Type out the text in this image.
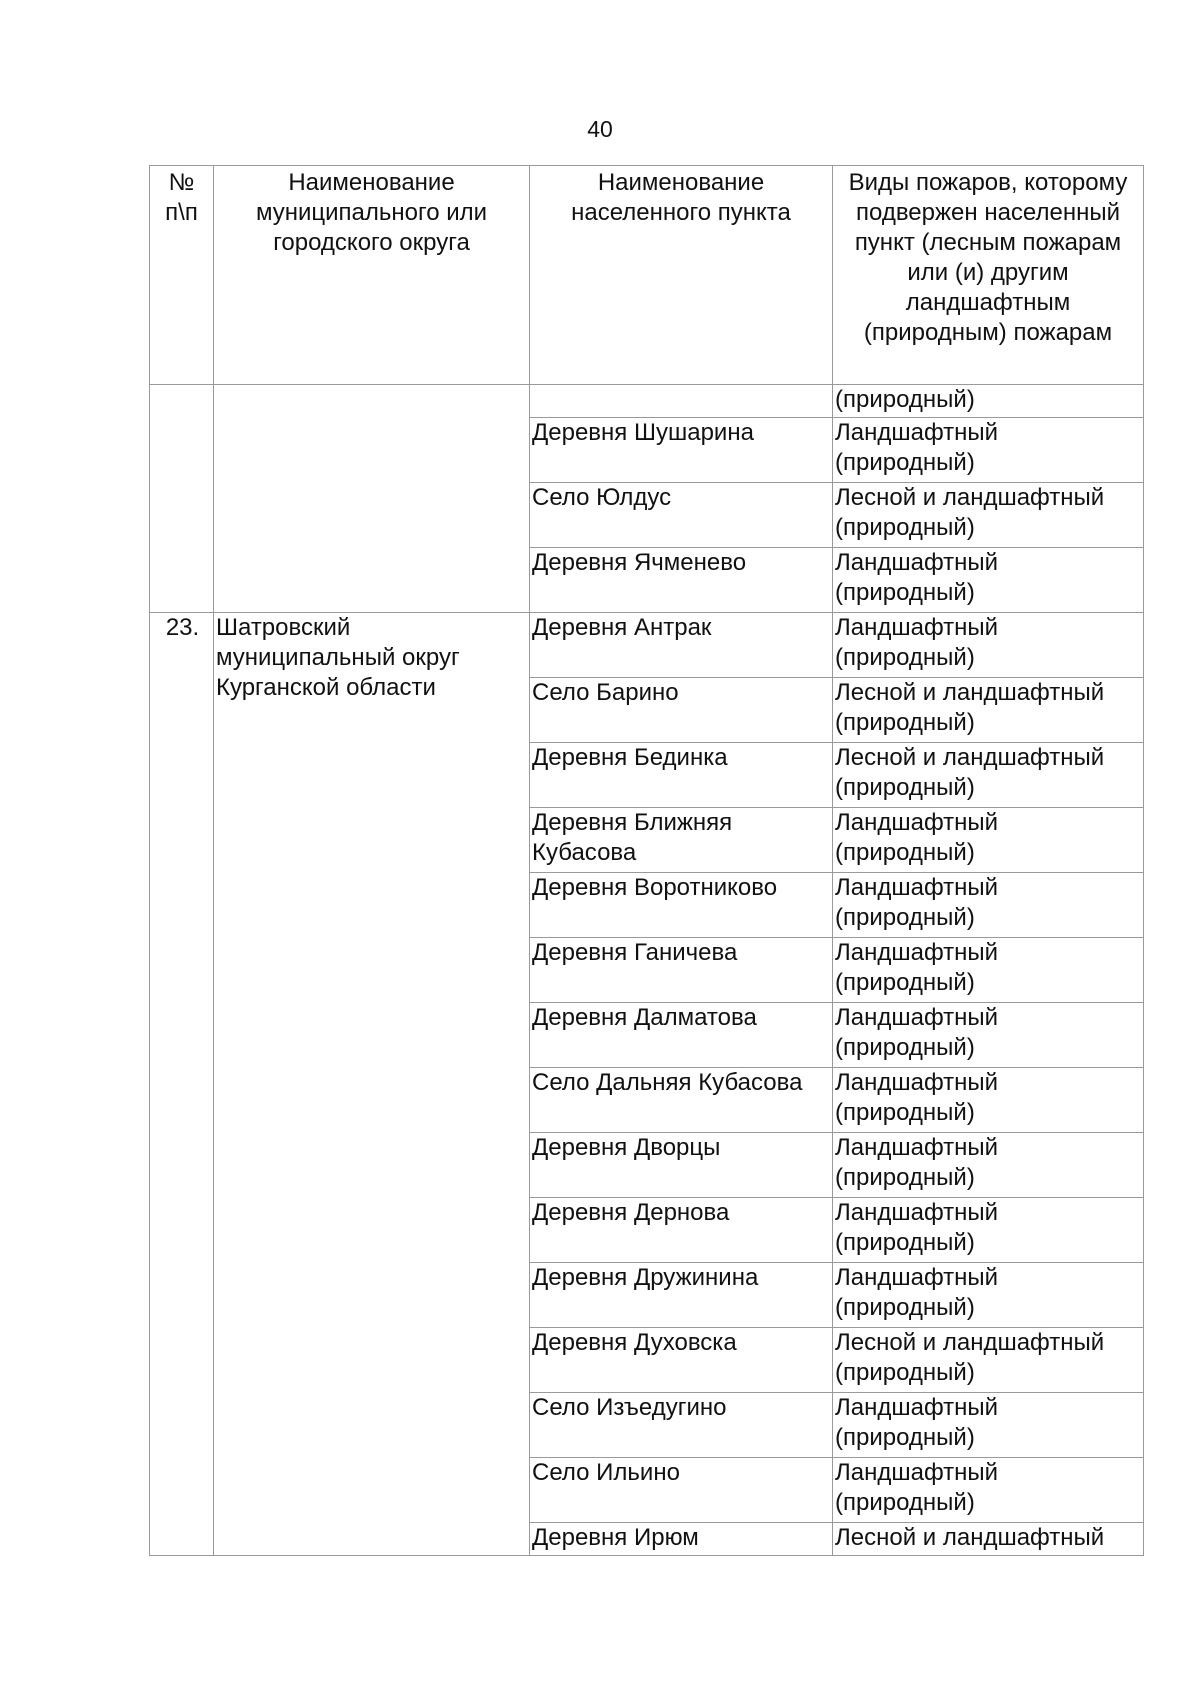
40
№ п\п	Наименование муниципального или городского округа	Наименование населенного пункта	Виды пожаров, которому подвержен населенный пункт (лесным пожарам или (и) другим ландшафтным (природным) пожарам
			(природный)
		Деревня Шушарина	Ландшафтный (природный)
		Село Юлдус	Лесной и ландшафтный (природный)
		Деревня Ячменево	Ландшафтный (природный)
23.	Шатровский муниципальный округ Курганской области	Деревня Антрак	Ландшафтный (природный)
		Село Барино	Лесной и ландшафтный (природный)
		Деревня Бединка	Лесной и ландшафтный (природный)
		Деревня Ближняя Кубасова	Ландшафтный (природный)
		Деревня Воротниково	Ландшафтный (природный)
		Деревня Ганичева	Ландшафтный (природный)
		Деревня Далматова	Ландшафтный (природный)
		Село Дальняя Кубасова	Ландшафтный (природный)
		Деревня Дворцы	Ландшафтный (природный)
		Деревня Дернова	Ландшафтный (природный)
		Деревня Дружинина	Ландшафтный (природный)
		Деревня Духовска	Лесной и ландшафтный (природный)
		Село Изъедугино	Ландшафтный (природный)
		Село Ильино	Ландшафтный (природный)
		Деревня Ирюм	Лесной и ландшафтный
